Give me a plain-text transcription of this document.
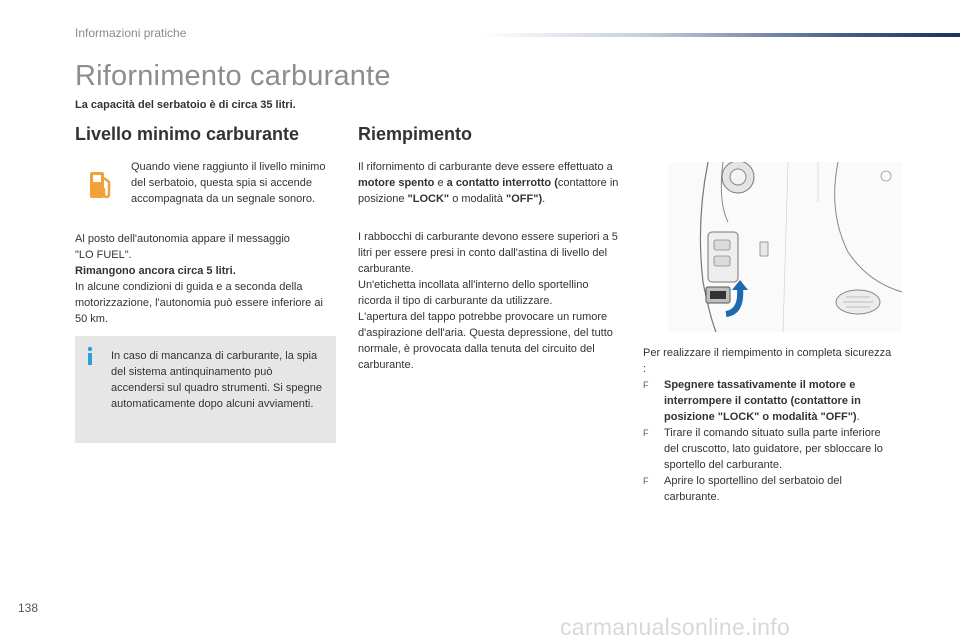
Informazioni pratiche
Rifornimento carburante
La capacità del serbatoio è di circa 35 litri.
Livello minimo carburante
Quando viene raggiunto il livello minimo del serbatoio, questa spia si accende accompagnata da un segnale sonoro.
Al posto dell'autonomia appare il messaggio
"LO FUEL".
Rimangono ancora circa 5 litri.
In alcune condizioni di guida e a seconda della motorizzazione, l'autonomia può essere inferiore ai 50 km.
In caso di mancanza di carburante, la spia del sistema antinquinamento può accendersi sul quadro strumenti. Si spegne automaticamente dopo alcuni avviamenti.
Riempimento
Il rifornimento di carburante deve essere effettuato a motore spento e a contatto interrotto (contattore in posizione "LOCK" o modalità "OFF").
I rabbocchi di carburante devono essere superiori a 5 litri per essere presi in conto dall'astina di livello del carburante.
Un'etichetta incollata all'interno dello sportellino ricorda il tipo di carburante da utilizzare.
L'apertura del tappo potrebbe provocare un rumore d'aspirazione dell'aria. Questa depressione, del tutto normale, è provocata dalla tenuta del circuito del carburante.
Per realizzare il riempimento in completa sicurezza :
F	Spegnere tassativamente il motore e interrompere il contatto (contattore in posizione "LOCK" o modalità "OFF").
F	Tirare il comando situato sulla parte inferiore del cruscotto, lato guidatore, per sbloccare lo sportello del carburante.
F	Aprire lo sportellino del serbatoio del carburante.
138
carmanualsonline.info
